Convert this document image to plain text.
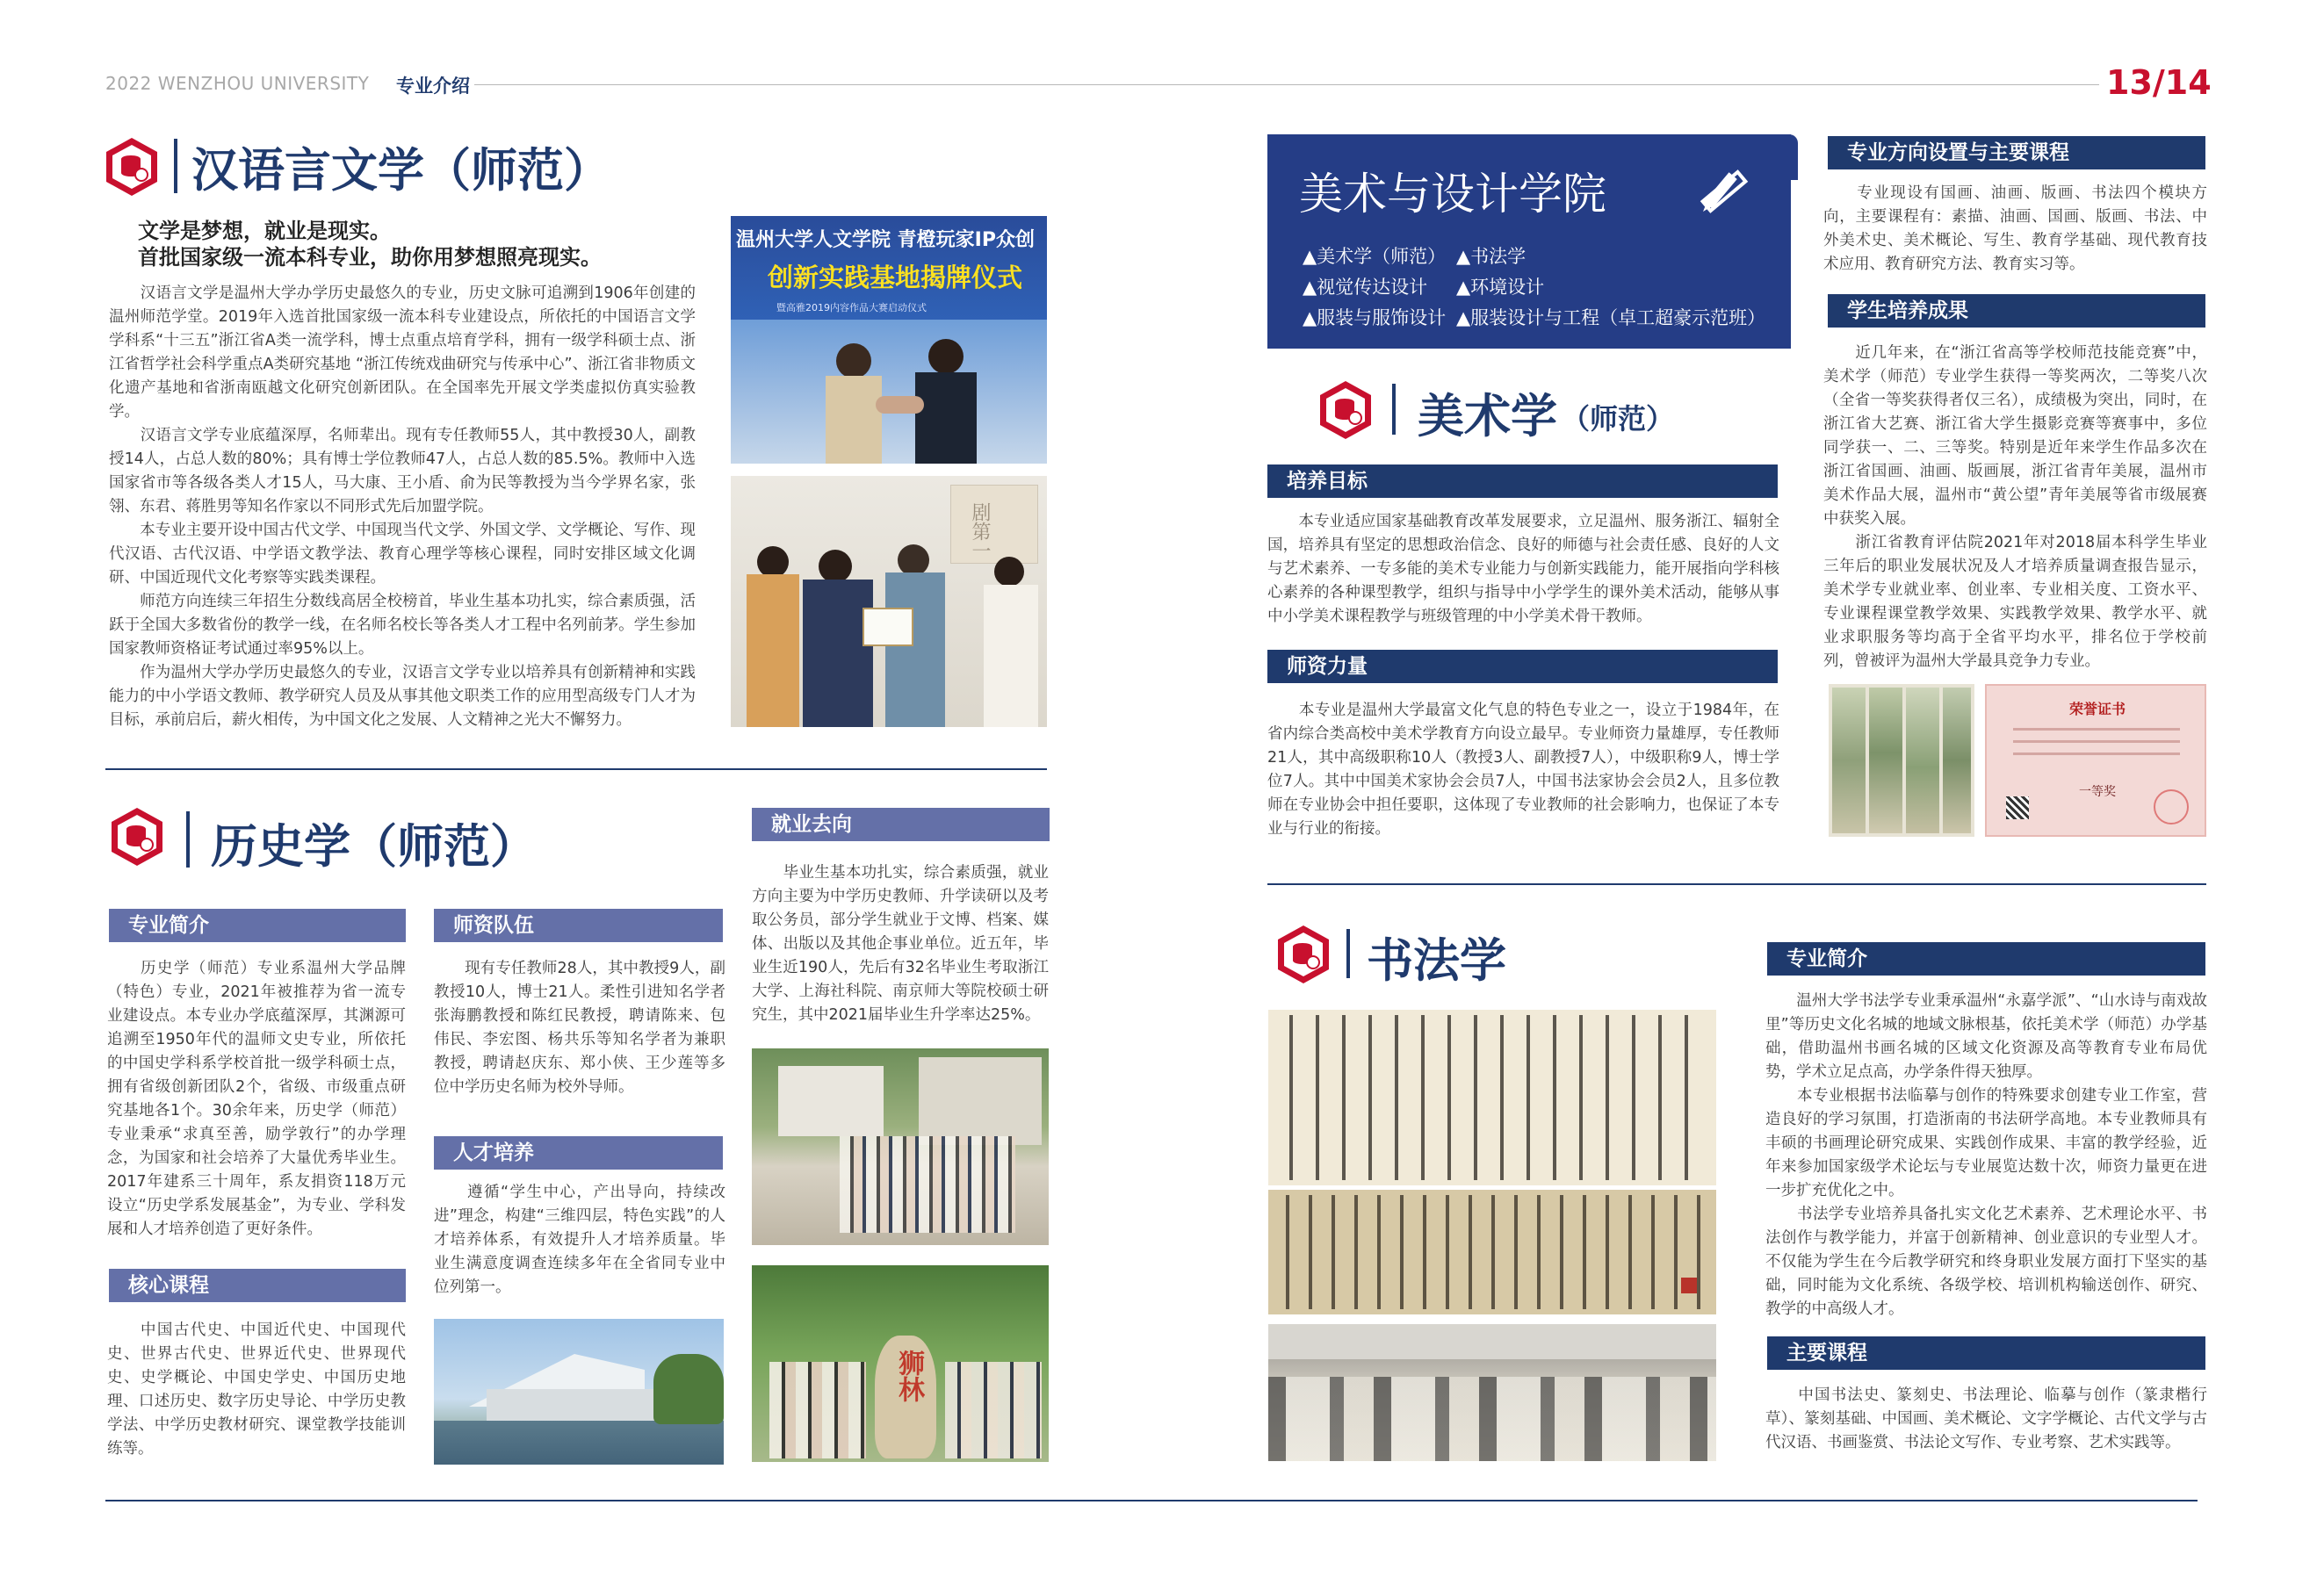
2022 WENZHOU UNIVERSITY 专业介绍	13/14
汉语言文学（师范）
文学是梦想，就业是现实。
首批国家级一流本科专业，助你用梦想照亮现实。
　　汉语言文学是温州大学办学历史最悠久的专业，历史文脉可追溯到1906年创建的温州师范学堂。2019年入选首批国家级一流本科专业建设点，所依托的中国语言文学学科系“十三五”浙江省A类一流学科，博士点重点培育学科，拥有一级学科硕士点、浙江省哲学社会科学重点A类研究基地 “浙江传统戏曲研究与传承中心”、浙江省非物质文化遗产基地和省浙南瓯越文化研究创新团队。在全国率先开展文学类虚拟仿真实验教学。
　　汉语言文学专业底蕴深厚，名师辈出。现有专任教师55人，其中教授30人，副教授14人，占总人数的80%；具有博士学位教师47人，占总人数的85.5%。教师中入选国家省市等各级各类人才15人，马大康、王小盾、俞为民等教授为当今学界名家，张翎、东君、蒋胜男等知名作家以不同形式先后加盟学院。
　　本专业主要开设中国古代文学、中国现当代文学、外国文学、文学概论、写作、现代汉语、古代汉语、中学语文教学法、教育心理学等核心课程，同时安排区域文化调研、中国近现代文化考察等实践类课程。
　　师范方向连续三年招生分数线高居全校榜首，毕业生基本功扎实，综合素质强，活跃于全国大多数省份的教学一线，在名师名校长等各类人才工程中名列前茅。学生参加国家教师资格证考试通过率95%以上。
　　作为温州大学办学历史最悠久的专业，汉语言文学专业以培养具有创新精神和实践能力的中小学语文教师、教学研究人员及从事其他文职类工作的应用型高级专门人才为目标，承前启后，薪火相传，为中国文化之发展、人文精神之光大不懈努力。
温州大学人文学院 青橙玩家IP众创
创新实践基地揭牌仪式
暨高雅2019内容作品大赛启动仪式
剧第一
历史学（师范）
专业简介
　　历史学（师范）专业系温州大学品牌（特色）专业，2021年被推荐为省一流专业建设点。本专业办学底蕴深厚，其渊源可追溯至1950年代的温师文史专业，所依托的中国史学科系学校首批一级学科硕士点，拥有省级创新团队2个，省级、市级重点研究基地各1个。30余年来，历史学（师范）专业秉承“求真至善，励学敦行”的办学理念，为国家和社会培养了大量优秀毕业生。2017年建系三十周年，系友捐资118万元设立“历史学系发展基金”，为专业、学科发展和人才培养创造了更好条件。
核心课程
　　中国古代史、中国近代史、中国现代史、世界古代史、世界近代史、世界现代史、史学概论、中国史学史、中国历史地理、口述历史、数字历史导论、中学历史教学法、中学历史教材研究、课堂教学技能训练等。
师资队伍
　　现有专任教师28人，其中教授9人，副教授10人，博士21人。柔性引进知名学者张海鹏教授和陈红民教授，聘请陈来、包伟民、李宏图、杨共乐等知名学者为兼职教授，聘请赵庆东、郑小侠、王少莲等多位中学历史名师为校外导师。
人才培养
　　遵循“学生中心，产出导向，持续改进”理念，构建“三维四层，特色实践”的人才培养体系，有效提升人才培养质量。毕业生满意度调查连续多年在全省同专业中位列第一。
就业去向
　　毕业生基本功扎实，综合素质强，就业方向主要为中学历史教师、升学读研以及考取公务员，部分学生就业于文博、档案、媒体、出版以及其他企事业单位。近五年，毕业生近190人，先后有32名毕业生考取浙江大学、上海社科院、南京师大等院校硕士研究生，其中2021届毕业生升学率达25%。
狮林
美术与设计学院
▲美术学（师范） ▲书法学
▲视觉传达设计 ▲环境设计
▲服装与服饰设计 ▲服装设计与工程（卓工超豪示范班）
美术学 （师范）
培养目标
　　本专业适应国家基础教育改革发展要求，立足温州、服务浙江、辐射全国，培养具有坚定的思想政治信念、良好的师德与社会责任感、良好的人文与艺术素养、一专多能的美术专业能力与创新实践能力，能开展指向学科核心素养的各种课型教学，组织与指导中小学学生的课外美术活动，能够从事中小学美术课程教学与班级管理的中小学美术骨干教师。
师资力量
　　本专业是温州大学最富文化气息的特色专业之一，设立于1984年，在省内综合类高校中美术学教育方向设立最早。专业师资力量雄厚，专任教师21人，其中高级职称10人（教授3人、副教授7人），中级职称9人，博士学位7人。其中中国美术家协会会员7人，中国书法家协会会员2人，且多位教师在专业协会中担任要职，这体现了专业教师的社会影响力，也保证了本专业与行业的衔接。
专业方向设置与主要课程
　　专业现设有国画、油画、版画、书法四个模块方向，主要课程有：素描、油画、国画、版画、书法、中外美术史、美术概论、写生、教育学基础、现代教育技术应用、教育研究方法、教育实习等。
学生培养成果
　　近几年来，在“浙江省高等学校师范技能竞赛”中，美术学（师范）专业学生获得一等奖两次，二等奖八次（全省一等奖获得者仅三名），成绩极为突出，同时，在浙江省大艺赛、浙江省大学生摄影竞赛等赛事中，多位同学获一、二、三等奖。特别是近年来学生作品多次在浙江省国画、油画、版画展，浙江省青年美展，温州市美术作品大展，温州市“黄公望”青年美展等省市级展赛中获奖入展。
　　浙江省教育评估院2021年对2018届本科学生毕业三年后的职业发展状况及人才培养质量调查报告显示，美术学专业就业率、创业率、专业相关度、工资水平、专业课程课堂教学效果、实践教学效果、教学水平、就业求职服务等均高于全省平均水平，排名位于学校前列，曾被评为温州大学最具竞争力专业。
荣誉证书
一等奖
书法学	专业简介
　　温州大学书法学专业秉承温州“永嘉学派”、“山水诗与南戏故里”等历史文化名城的地域文脉根基，依托美术学（师范）办学基础，借助温州书画名城的区域文化资源及高等教育专业布局优势，学术立足点高，办学条件得天独厚。
　　本专业根据书法临摹与创作的特殊要求创建专业工作室，营造良好的学习氛围，打造浙南的书法研学高地。本专业教师具有丰硕的书画理论研究成果、实践创作成果、丰富的教学经验，近年来参加国家级学术论坛与专业展览达数十次，师资力量更在进一步扩充优化之中。
　　书法学专业培养具备扎实文化艺术素养、艺术理论水平、书法创作与教学能力，并富于创新精神、创业意识的专业型人才。不仅能为学生在今后教学研究和终身职业发展方面打下坚实的基础，同时能为文化系统、各级学校、培训机构输送创作、研究、教学的中高级人才。
主要课程
　　中国书法史、篆刻史、书法理论、临摹与创作（篆隶楷行草）、篆刻基础、中国画、美术概论、文字学概论、古代文学与古代汉语、书画鉴赏、书法论文写作、专业考察、艺术实践等。
